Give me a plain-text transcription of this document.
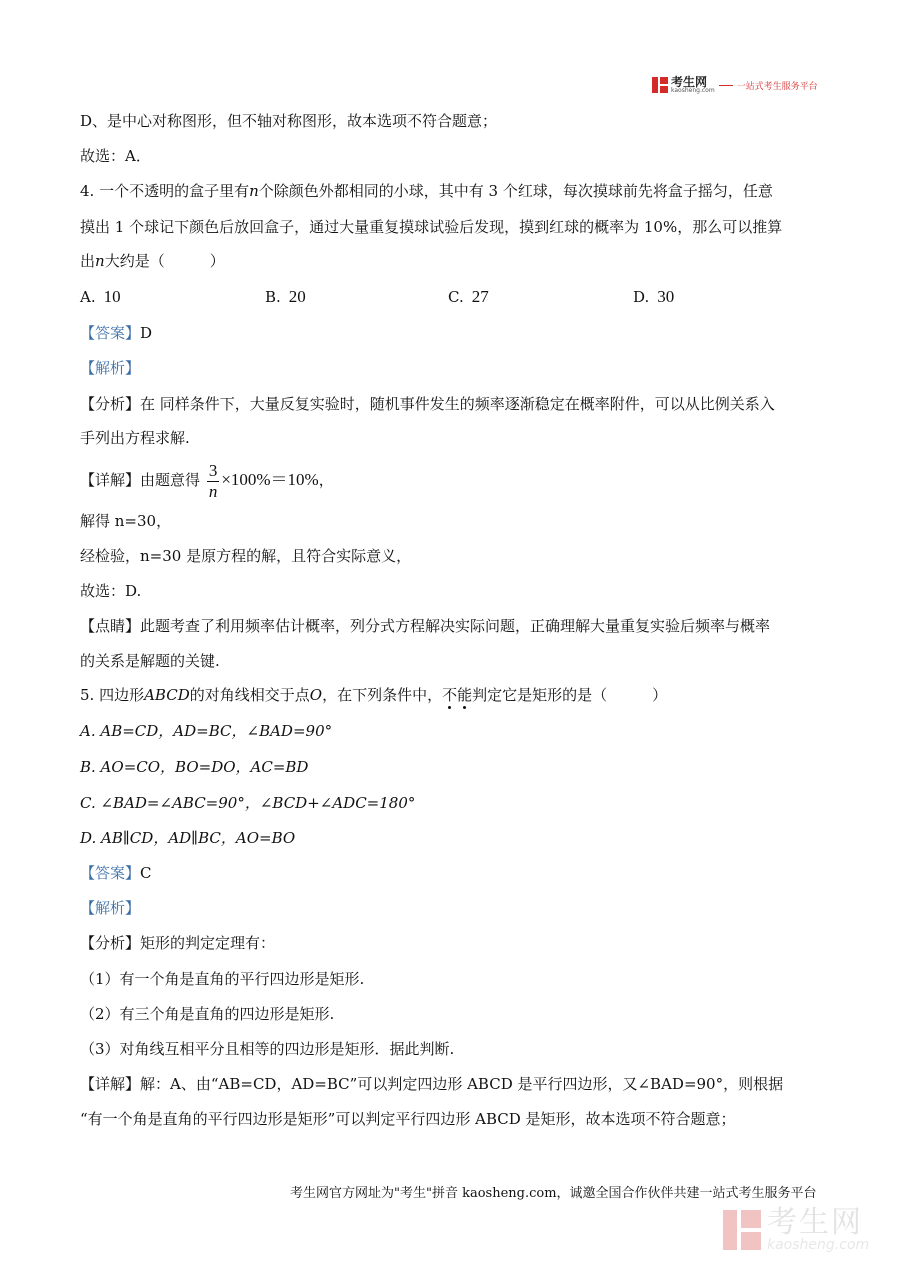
考生网
kaosheng.com 一站式考生服务平台
D、是中心对称图形，但不轴对称图形，故本选项不符合题意；
故选：A．
4. 一个不透明的盒子里有n个除颜色外都相同的小球，其中有 3 个红球，每次摸球前先将盒子摇匀，任意
摸出 1 个球记下颜色后放回盒子，通过大量重复摸球试验后发现，摸到红球的概率为 10%，那么可以推算
出n大约是（　　　）
A. 10	B. 20	C. 27	D. 30
【答案】D
【解析】
【分析】在 同样条件下，大量反复实验时，随机事件发生的频率逐渐稳定在概率附件，可以从比例关系入
手列出方程求解.
【详解】由题意得 $\frac{3}{n} \times 100\%=10\%$，
解得 n=30，
经检验，n=30 是原方程的解，且符合实际意义，
故选：D.
【点睛】此题考查了利用频率估计概率，列分式方程解决实际问题，正确理解大量重复实验后频率与概率
的关系是解题的关键.
5. 四边形ABCD的对角线相交于点O，在下列条件中，不能判定它是矩形的是（　　　）
A. AB=CD，AD=BC，∠BAD=90°
B. AO=CO，BO=DO，AC=BD
C. ∠BAD=∠ABC=90°，∠BCD+∠ADC=180°
D. AB∥CD，AD∥BC，AO=BO
【答案】C
【解析】
【分析】矩形的判定定理有：
（1）有一个角是直角的平行四边形是矩形.
（2）有三个角是直角的四边形是矩形.
（3）对角线互相平分且相等的四边形是矩形．据此判断.
【详解】解：A、由“AB=CD，AD=BC”可以判定四边形 ABCD 是平行四边形，又∠BAD=90°，则根据
“有一个角是直角的平行四边形是矩形”可以判定平行四边形 ABCD 是矩形，故本选项不符合题意；
考生网官方网址为"考生"拼音 kaosheng.com，诚邀全国合作伙伴共建一站式考生服务平台
考生网
kaosheng.com
